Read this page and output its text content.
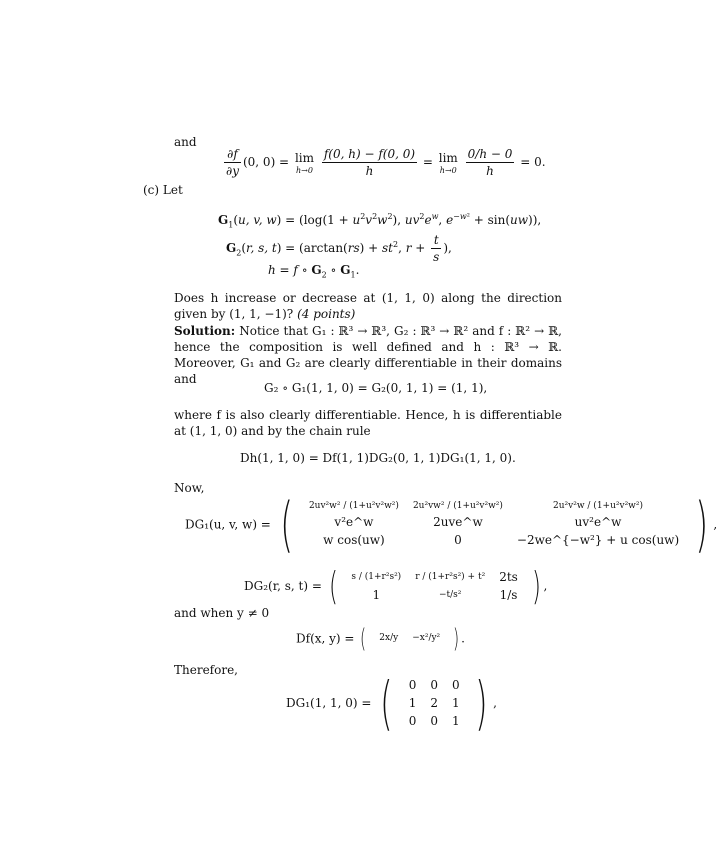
and
$\frac{\partial f}{\partial y} (0$, 0) = lim
h→0
$\frac{f(0, h) - f(0, 0)}{h} = \lim$
h→0
$\frac{0/h - 0}{h} = 0$.
(c) Let
$G_1(u$, v, $w) = (\log(1 + u^2v^2w^2)$, $uv^2e^w$, $e^{-w^2} + \sin(uw)$),
$G_2(r$, s, $t) = (\arctan(rs) + st^2$, $r + \frac{t}{s}$ ),
h = f ∘ $G_2$ ∘ $G_1$.
Does h increase or decrease at (1, 1, 0) along the direction given by (1, 1, −1)? (4 points)
Solution: Notice that G₁ : ℝ³ → ℝ³, G₂ : ℝ³ → ℝ² and f : ℝ² → ℝ, hence the composition is well defined and h : ℝ³ → ℝ. Moreover, G₁ and G₂ are clearly differentiable in their domains and
G₂ ∘ G₁(1, 1, 0) = G₂(0, 1, 1) = (1, 1),
where f is also clearly differentiable. Hence, h is differentiable at (1, 1, 0) and by the chain rule
Dh(1, 1, 0) = Df(1, 1)DG₂(0, 1, 1)DG₁(1, 1, 0).
Now,
DG₁(u, v, w) = ( 2uv²w² / (1+u²v²w²)	2u²vw² / (1+u²v²w²)	2u²v²w / (1+u²v²w²)
v²e^w	2uve^w	uv²e^w
w cos(uw)	0	−2we^{−w²} + u cos(uw) ) ,
DG₂(r, s, t) = ( s / (1+r²s²)	r / (1+r²s²) + t²	2ts
1	−t/s²	1/s ) ,
and when y ≠ 0
Df(x, y) = ( 2x/y	−x²/y² ) .
Therefore,
DG₁(1, 1, 0) = ( 0	0	0
1	2	1
0	0	1 ) ,
